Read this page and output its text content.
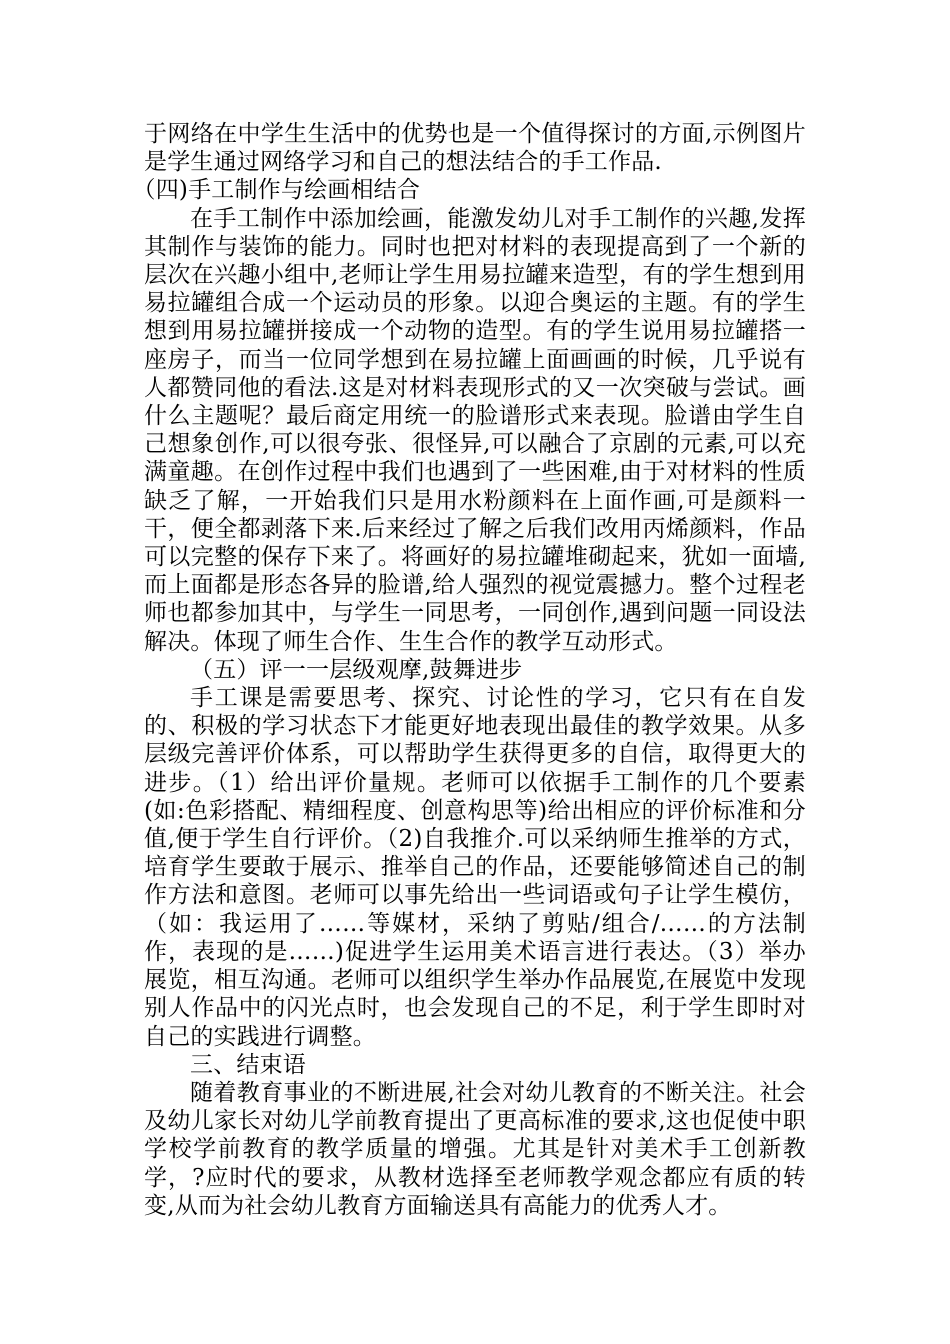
于网络在中学生生活中的优势也是一个值得探讨的方面,示例图片是学生通过网络学习和自己的想法结合的手工作品.

（四)手工制作与绘画相结合

在手工制作中添加绘画，能激发幼儿对手工制作的兴趣,发挥其制作与装饰的能力。同时也把对材料的表现提高到了一个新的层次在兴趣小组中,老师让学生用易拉罐来造型，有的学生想到用易拉罐组合成一个运动员的形象。以迎合奥运的主题。有的学生想到用易拉罐拼接成一个动物的造型。有的学生说用易拉罐搭一座房子，而当一位同学想到在易拉罐上面画画的时候，几乎说有人都赞同他的看法.这是对材料表现形式的又一次突破与尝试。画什么主题呢？最后商定用统一的脸谱形式来表现。脸谱由学生自己想象创作,可以很夸张、很怪异,可以融合了京剧的元素,可以充满童趣。在创作过程中我们也遇到了一些困难,由于对材料的性质缺乏了解，一开始我们只是用水粉颜料在上面作画,可是颜料一干，便全都剥落下来.后来经过了解之后我们改用丙烯颜料，作品可以完整的保存下来了。将画好的易拉罐堆砌起来，犹如一面墙,而上面都是形态各异的脸谱,给人强烈的视觉震撼力。整个过程老师也都参加其中，与学生一同思考，一同创作,遇到问题一同设法解决。体现了师生合作、生生合作的教学互动形式。

（五）评一一层级观摩,鼓舞进步

手工课是需要思考、探究、讨论性的学习，它只有在自发的、积极的学习状态下才能更好地表现出最佳的教学效果。从多层级完善评价体系，可以帮助学生获得更多的自信，取得更大的进步。（1）给出评价量规。老师可以依据手工制作的几个要素(如:色彩搭配、精细程度、创意构思等)给出相应的评价标准和分值,便于学生自行评价。（2)自我推介.可以采纳师生推举的方式，培育学生要敢于展示、推举自己的作品，还要能够简述自己的制作方法和意图。老师可以事先给出一些词语或句子让学生模仿，（如：我运用了……等媒材，采纳了剪贴/组合/……的方法制作，表现的是……)促进学生运用美术语言进行表达。（3）举办展览，相互沟通。老师可以组织学生举办作品展览,在展览中发现别人作品中的闪光点时，也会发现自己的不足，利于学生即时对自己的实践进行调整。

三、结束语

随着教育事业的不断进展,社会对幼儿教育的不断关注。社会及幼儿家长对幼儿学前教育提出了更高标准的要求,这也促使中职学校学前教育的教学质量的增强。尤其是针对美术手工创新教学，?应时代的要求，从教材选择至老师教学观念都应有质的转变,从而为社会幼儿教育方面输送具有高能力的优秀人才。
